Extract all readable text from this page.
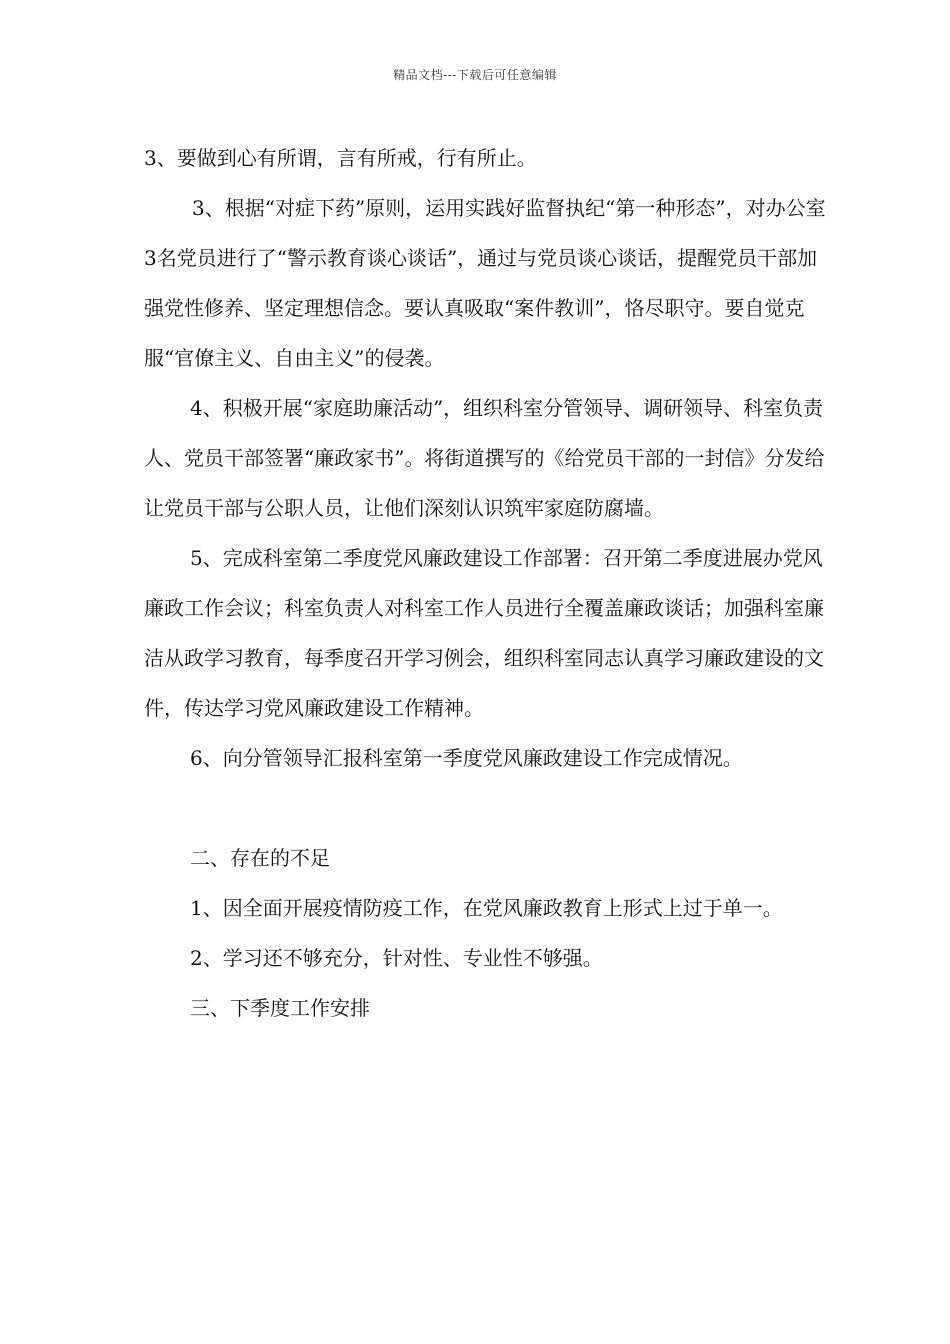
精品文档---下载后可任意编辑

3、要做到心有所谓，言有所戒，行有所止。

3、根据“对症下药”原则，运用实践好监督执纪“第一种形态”，对办公室3名党员进行了“警示教育谈心谈话”，通过与党员谈心谈话，提醒党员干部加强党性修养、坚定理想信念。要认真吸取“案件教训”，恪尽职守。要自觉克服“官僚主义、自由主义”的侵袭。

4、积极开展“家庭助廉活动”，组织科室分管领导、调研领导、科室负责人、党员干部签署“廉政家书”。将街道撰写的《给党员干部的一封信》分发给让党员干部与公职人员，让他们深刻认识筑牢家庭防腐墙。

5、完成科室第二季度党风廉政建设工作部署：召开第二季度进展办党风廉政工作会议；科室负责人对科室工作人员进行全覆盖廉政谈话；加强科室廉洁从政学习教育，每季度召开学习例会，组织科室同志认真学习廉政建设的文件，传达学习党风廉政建设工作精神。

6、向分管领导汇报科室第一季度党风廉政建设工作完成情况。

二、存在的不足

1、因全面开展疫情防疫工作，在党风廉政教育上形式上过于单一。

2、学习还不够充分，针对性、专业性不够强。

三、下季度工作安排
